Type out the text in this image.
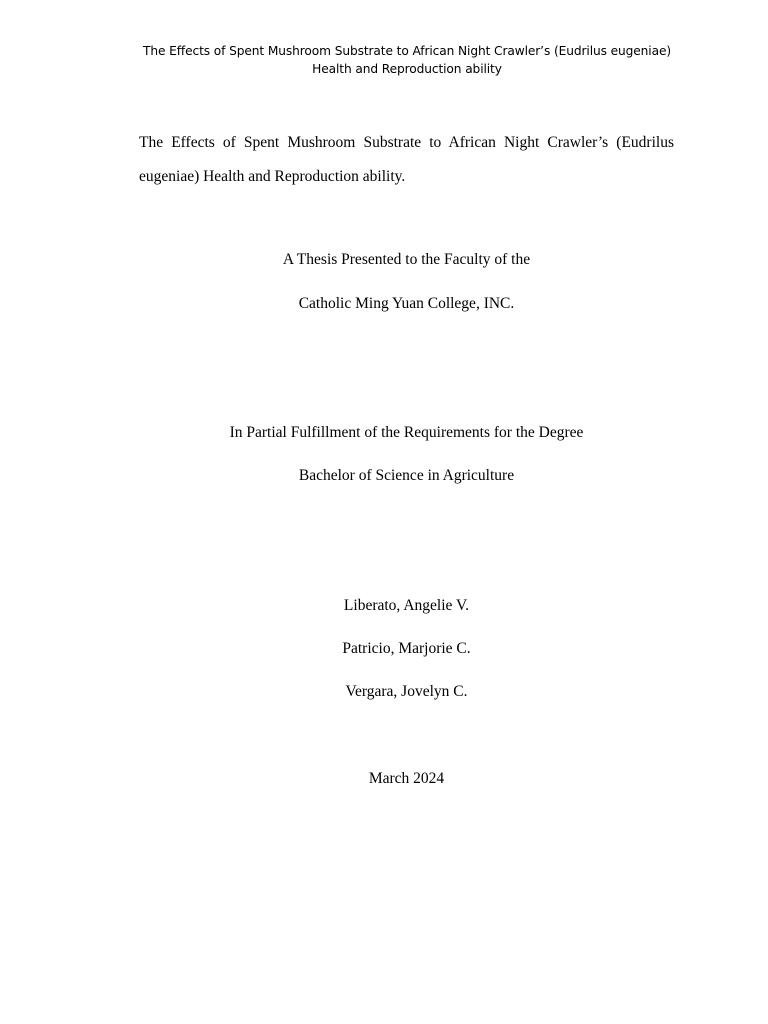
The Effects of Spent Mushroom Substrate to African Night Crawler’s (Eudrilus eugeniae)
Health and Reproduction ability
The Effects of Spent Mushroom Substrate to African Night Crawler’s (Eudrilus eugeniae) Health and Reproduction ability.
A Thesis Presented to the Faculty of the
Catholic Ming Yuan College, INC.
In Partial Fulfillment of the Requirements for the Degree
Bachelor of Science in Agriculture
Liberato, Angelie V.
Patricio, Marjorie C.
Vergara, Jovelyn C.
March 2024
